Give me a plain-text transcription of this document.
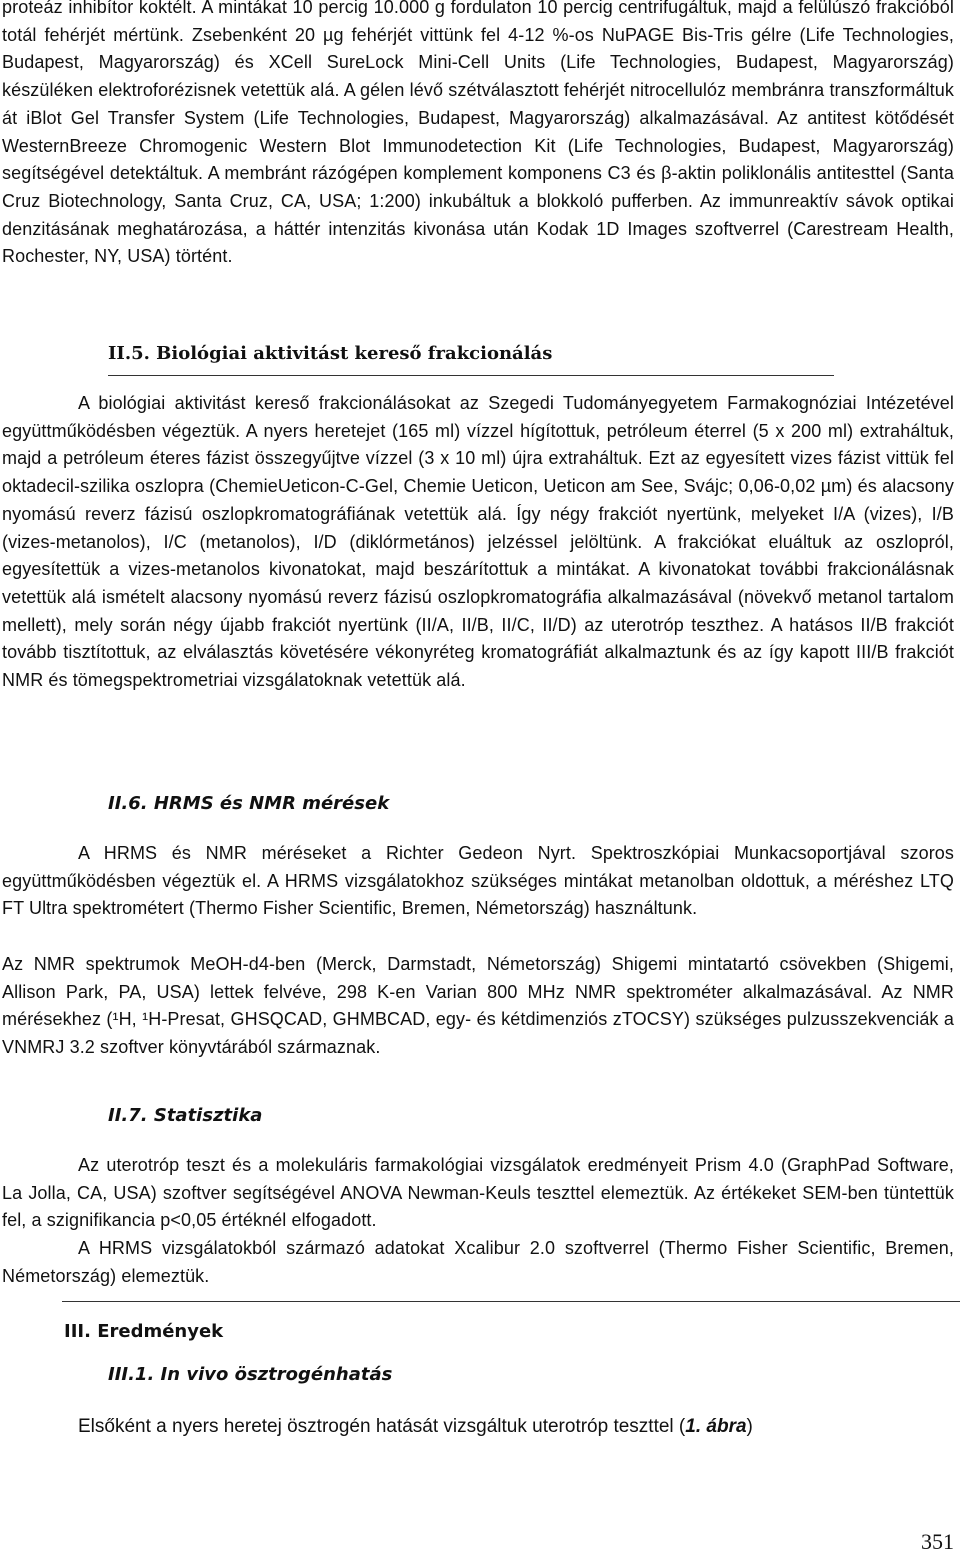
proteáz inhibítor koktélt. A mintákat 10 percig 10.000 g fordulaton 10 percig centrifugáltuk, majd a felülúszó frakcióból totál fehérjét mértünk. Zsebenként 20 µg fehérjét vittünk fel 4-12 %-os NuPAGE Bis-Tris gélre (Life Technologies, Budapest, Magyarország) és XCell SureLock Mini-Cell Units (Life Technologies, Budapest, Magyarország) készüléken elektroforézisnek vetettük alá. A gélen lévő szétválasztott fehérjét nitrocellulóz membránra transzformáltuk át iBlot Gel Transfer System (Life Technologies, Budapest, Magyarország) alkalmazásával. Az antitest kötődését WesternBreeze Chromogenic Western Blot Immunodetection Kit (Life Technologies, Budapest, Magyarország) segítségével detektáltuk. A membránt rázógépen komplement komponens C3 és β-aktin poliklonális antitesttel (Santa Cruz Biotechnology, Santa Cruz, CA, USA; 1:200) inkubáltuk a blokkoló pufferben. Az immunreaktív sávok optikai denzitásának meghatározása, a háttér intenzitás kivonása után Kodak 1D Images szoftverrel (Carestream Health, Rochester, NY, USA) történt.

II.5. Biológiai aktivitást kereső frakcionálás

A biológiai aktivitást kereső frakcionálásokat az Szegedi Tudományegyetem Farmakognóziai Intézetével együttműködésben végeztük. A nyers heretejet (165 ml) vízzel hígítottuk, petróleum éterrel (5 x 200 ml) extraháltuk, majd a petróleum éteres fázist összegyűjtve vízzel (3 x 10 ml) újra extraháltuk. Ezt az egyesített vizes fázist vittük fel oktadecil-szilika oszlopra (ChemieUeticon-C-Gel, Chemie Ueticon, Ueticon am See, Svájc; 0,06-0,02 µm) és alacsony nyomású reverz fázisú oszlopkromatográfiának vetettük alá. Így négy frakciót nyertünk, melyeket I/A (vizes), I/B (vizes-metanolos), I/C (metanolos), I/D (diklórmetános) jelzéssel jelöltünk. A frakciókat eluáltuk az oszlopról, egyesítettük a vizes-metanolos kivonatokat, majd beszárítottuk a mintákat. A kivonatokat további frakcionálásnak vetettük alá ismételt alacsony nyomású reverz fázisú oszlopkromatográfia alkalmazásával (növekvő metanol tartalom mellett), mely során négy újabb frakciót nyertünk (II/A, II/B, II/C, II/D) az uterotróp teszthez. A hatásos II/B frakciót tovább tisztítottuk, az elválasztás követésére vékonyréteg kromatográfiát alkalmaztunk és az így kapott III/B frakciót NMR és tömegspektrometriai vizsgálatoknak vetettük alá.

II.6. HRMS és NMR mérések

A HRMS és NMR méréseket a Richter Gedeon Nyrt. Spektroszkópiai Munkacsoportjával szoros együttműködésben végeztük el. A HRMS vizsgálatokhoz szükséges mintákat metanolban oldottuk, a méréshez LTQ FT Ultra spektrométert (Thermo Fisher Scientific, Bremen, Németország) használtunk.

Az NMR spektrumok MeOH-d4-ben (Merck, Darmstadt, Németország) Shigemi mintatartó csövekben (Shigemi, Allison Park, PA, USA) lettek felvéve, 298 K-en Varian 800 MHz NMR spektrométer alkalmazásával. Az NMR mérésekhez (¹H, ¹H-Presat, GHSQCAD, GHMBCAD, egy- és kétdimenziós zTOCSY) szükséges pulzusszekvenciák a VNMRJ 3.2 szoftver könyvtárából származnak.

II.7. Statisztika

Az uterotróp teszt és a molekuláris farmakológiai vizsgálatok eredményeit Prism 4.0 (GraphPad Software, La Jolla, CA, USA) szoftver segítségével ANOVA Newman-Keuls teszttel elemeztük. Az értékeket SEM-ben tüntettük fel, a szignifikancia p<0,05 értéknél elfogadott.

A HRMS vizsgálatokból származó adatokat Xcalibur 2.0 szoftverrel (Thermo Fisher Scientific, Bremen, Németország) elemeztük.

III. Eredmények
III.1. In vivo ösztrogénhatás
Elsőként a nyers heretej ösztrogén hatását vizsgáltuk uterotróp teszttel (1. ábra)
351
